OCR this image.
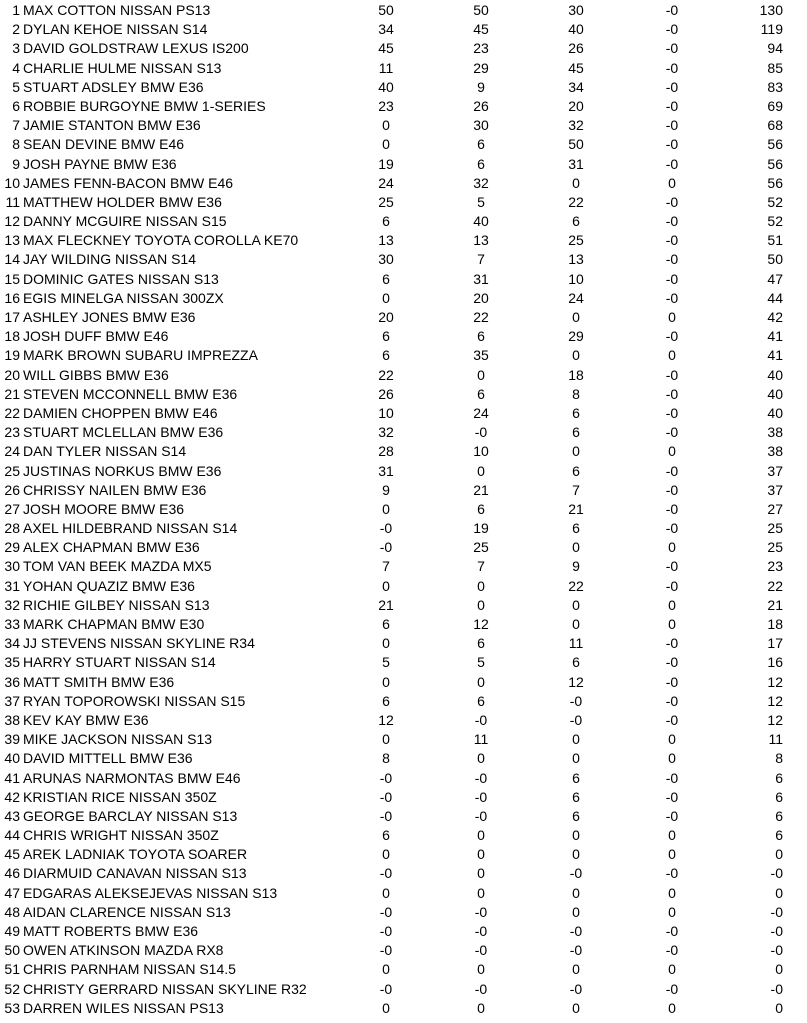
1 MAX COTTON NISSAN PS13	50	50	30	-0	130
2 DYLAN KEHOE NISSAN S14	34	45	40	-0	119
3 DAVID GOLDSTRAW LEXUS IS200	45	23	26	-0	94
4 CHARLIE HULME NISSAN S13	11	29	45	-0	85
5 STUART ADSLEY BMW E36	40	9	34	-0	83
6 ROBBIE BURGOYNE BMW 1-SERIES	23	26	20	-0	69
7 JAMIE STANTON BMW E36	0	30	32	-0	68
8 SEAN DEVINE BMW E46	0	6	50	-0	56
9 JOSH PAYNE BMW E36	19	6	31	-0	56
10 JAMES FENN-BACON BMW E46	24	32	0	0	56
11 MATTHEW HOLDER BMW E36	25	5	22	-0	52
12 DANNY MCGUIRE NISSAN S15	6	40	6	-0	52
13 MAX FLECKNEY TOYOTA COROLLA KE70	13	13	25	-0	51
14 JAY WILDING NISSAN S14	30	7	13	-0	50
15 DOMINIC GATES NISSAN S13	6	31	10	-0	47
16 EGIS MINELGA NISSAN 300ZX	0	20	24	-0	44
17 ASHLEY JONES BMW E36	20	22	0	0	42
18 JOSH DUFF BMW E46	6	6	29	-0	41
19 MARK BROWN SUBARU IMPREZZA	6	35	0	0	41
20 WILL GIBBS BMW E36	22	0	18	-0	40
21 STEVEN MCCONNELL BMW E36	26	6	8	-0	40
22 DAMIEN CHOPPEN BMW E46	10	24	6	-0	40
23 STUART MCLELLAN BMW E36	32	-0	6	-0	38
24 DAN TYLER NISSAN S14	28	10	0	0	38
25 JUSTINAS NORKUS BMW E36	31	0	6	-0	37
26 CHRISSY NAILEN BMW E36	9	21	7	-0	37
27 JOSH MOORE BMW E36	0	6	21	-0	27
28 AXEL HILDEBRAND NISSAN S14	-0	19	6	-0	25
29 ALEX CHAPMAN BMW E36	-0	25	0	0	25
30 TOM VAN BEEK MAZDA MX5	7	7	9	-0	23
31 YOHAN QUAZIZ BMW E36	0	0	22	-0	22
32 RICHIE GILBEY NISSAN S13	21	0	0	0	21
33 MARK CHAPMAN BMW E30	6	12	0	0	18
34 JJ STEVENS NISSAN SKYLINE R34	0	6	11	-0	17
35 HARRY STUART NISSAN S14	5	5	6	-0	16
36 MATT SMITH BMW E36	0	0	12	-0	12
37 RYAN TOPOROWSKI NISSAN S15	6	6	-0	-0	12
38 KEV KAY BMW E36	12	-0	-0	-0	12
39 MIKE JACKSON NISSAN S13	0	11	0	0	11
40 DAVID MITTELL BMW E36	8	0	0	0	8
41 ARUNAS NARMONTAS BMW E46	-0	-0	6	-0	6
42 KRISTIAN RICE NISSAN 350Z	-0	-0	6	-0	6
43 GEORGE BARCLAY NISSAN S13	-0	-0	6	-0	6
44 CHRIS WRIGHT NISSAN 350Z	6	0	0	0	6
45 AREK LADNIAK TOYOTA SOARER	0	0	0	0	0
46 DIARMUID CANAVAN NISSAN S13	-0	0	-0	-0	-0
47 EDGARAS ALEKSEJEVAS NISSAN S13	0	0	0	0	0
48 AIDAN CLARENCE NISSAN S13	-0	-0	0	0	-0
49 MATT ROBERTS BMW E36	-0	-0	-0	-0	-0
50 OWEN ATKINSON MAZDA RX8	-0	-0	-0	-0	-0
51 CHRIS PARNHAM NISSAN S14.5	0	0	0	0	0
52 CHRISTY GERRARD NISSAN SKYLINE R32	-0	-0	-0	-0	-0
53 DARREN WILES NISSAN PS13	0	0	0	0	0
